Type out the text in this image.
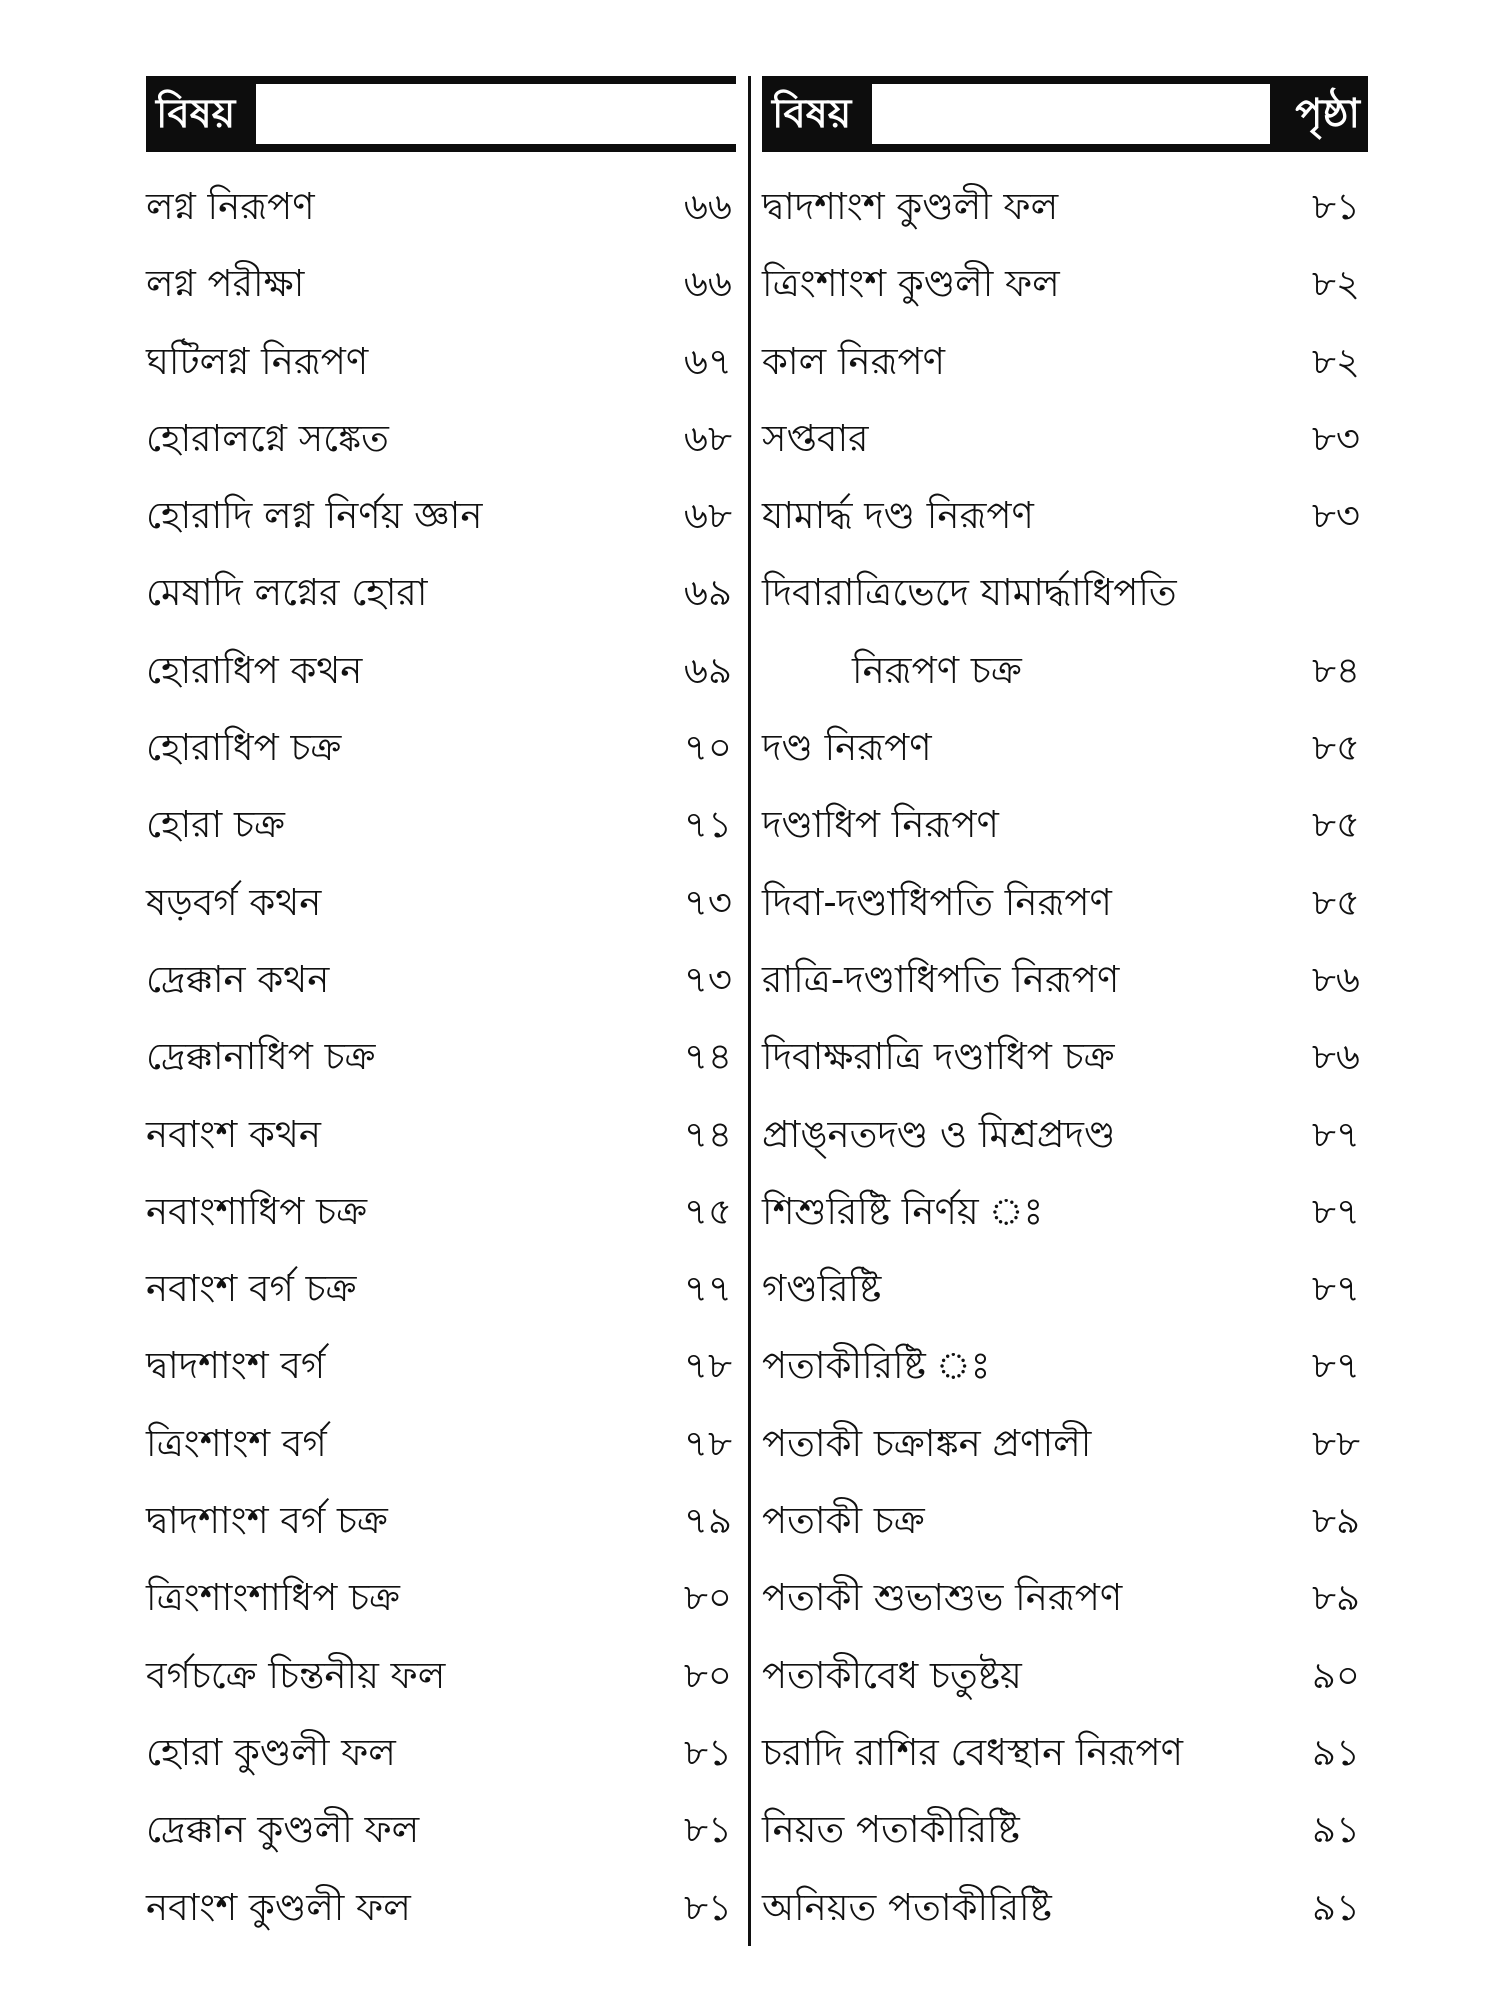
বিষয়	পৃষ্ঠা বিষয়	পৃষ্ঠা
লগ্ন নিরূপণ	৬৬
লগ্ন পরীক্ষা	৬৬
ঘটিলগ্ন নিরূপণ	৬৭
হোরালগ্নে সঙ্কেত	৬৮
হোরাদি লগ্ন নির্ণয় জ্ঞান	৬৮
মেষাদি লগ্নের হোরা	৬৯
হোরাধিপ কথন	৬৯
হোরাধিপ চক্র	৭০
হোরা চক্র	৭১
ষড়বর্গ কথন	৭৩
দ্রেক্কান কথন	৭৩
দ্রেক্কানাধিপ চক্র	৭৪
নবাংশ কথন	৭৪
নবাংশাধিপ চক্র	৭৫
নবাংশ বর্গ চক্র	৭৭
দ্বাদশাংশ বর্গ	৭৮
ত্রিংশাংশ বর্গ	৭৮
দ্বাদশাংশ বর্গ চক্র	৭৯
ত্রিংশাংশাধিপ চক্র	৮০
বর্গচক্রে চিন্তনীয় ফল	৮০
হোরা কুণ্ডলী ফল	৮১
দ্রেক্কান কুণ্ডলী ফল	৮১
নবাংশ কুণ্ডলী ফল	৮১
দ্বাদশাংশ কুণ্ডলী ফল	৮১
ত্রিংশাংশ কুণ্ডলী ফল	৮২
কাল নিরূপণ	৮২
সপ্তবার	৮৩
যামার্দ্ধ দণ্ড নিরূপণ	৮৩
দিবারাত্রিভেদে যামার্দ্ধাধিপতি
নিরূপণ চক্র	৮৪
দণ্ড নিরূপণ	৮৫
দণ্ডাধিপ নিরূপণ	৮৫
দিবা-দণ্ডাধিপতি নিরূপণ	৮৫
রাত্রি-দণ্ডাধিপতি নিরূপণ	৮৬
দিবাক্ষরাত্রি দণ্ডাধিপ চক্র	৮৬
প্রাঙ্নতদণ্ড ও মিশ্রপ্রদণ্ড	৮৭
শিশুরিষ্টি নির্ণয় ঃ	৮৭
গণ্ডরিষ্টি	৮৭
পতাকীরিষ্টি ঃ	৮৭
পতাকী চক্রাঙ্কন প্রণালী	৮৮
পতাকী চক্র	৮৯
পতাকী শুভাশুভ নিরূপণ	৮৯
পতাকীবেধ চতুষ্টয়	৯০
চরাদি রাশির বেধস্থান নিরূপণ	৯১
নিয়ত পতাকীরিষ্টি	৯১
অনিয়ত পতাকীরিষ্টি	৯১
